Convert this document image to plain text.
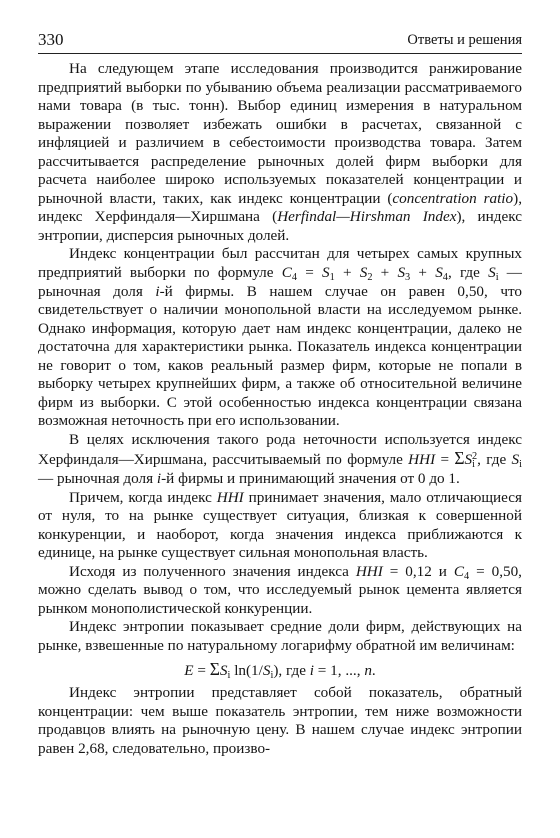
330	Ответы и решения

На следующем этапе исследования производится ранжирование предприятий выборки по убыванию объема реализации рассматриваемого нами товара (в тыс. тонн). Выбор единиц измерения в натуральном выражении позволяет избежать ошибки в расчетах, связанной с инфляцией и различием в себестоимости производства товара. Затем рассчитывается распределение рыночных долей фирм выборки для расчета наиболее широко используемых показателей концентрации и рыночной власти, таких, как индекс концентрации (concentration ratio), индекс Херфиндаля—Хиршмана (Herfindal—Hirshman Index), индекс энтропии, дисперсия рыночных долей.

Индекс концентрации был рассчитан для четырех самых крупных предприятий выборки по формуле $C_4 = S_1 + S_2 + S_3 + S_4$, где $S_i$ — рыночная доля i-й фирмы. В нашем случае он равен 0,50, что свидетельствует о наличии монопольной власти на исследуемом рынке. Однако информация, которую дает нам индекс концентрации, далеко не достаточна для характеристики рынка. Показатель индекса концентрации не говорит о том, каков реальный размер фирм, которые не попали в выборку четырех крупнейших фирм, а также об относительной величине фирм из выборки. С этой особенностью индекса концентрации связана возможная неточность при его использовании.

В целях исключения такого рода неточности используется индекс Херфиндаля—Хиршмана, рассчитываемый по формуле HHI = $\Sigma S_i^2$, где $S_i$ — рыночная доля i-й фирмы и принимающий значения от 0 до 1.

Причем, когда индекс HHI принимает значения, мало отличающиеся от нуля, то на рынке существует ситуация, близкая к совершенной конкуренции, и наоборот, когда значения индекса приближаются к единице, на рынке существует сильная монопольная власть.

Исходя из полученного значения индекса HHI = 0,12 и $C_4 = 0,50$, можно сделать вывод о том, что исследуемый рынок цемента является рынком монополистической конкуренции.

Индекс энтропии показывает средние доли фирм, действующих на рынке, взвешенные по натуральному логарифму обратной им величинам:

$E = \Sigma S_i$ $\ln(1/S_i)$, где i = 1, ..., n.

Индекс энтропии представляет собой показатель, обратный концентрации: чем выше показатель энтропии, тем ниже возможности продавцов влиять на рыночную цену. В нашем случае индекс энтропии равен 2,68, следовательно, произво-
